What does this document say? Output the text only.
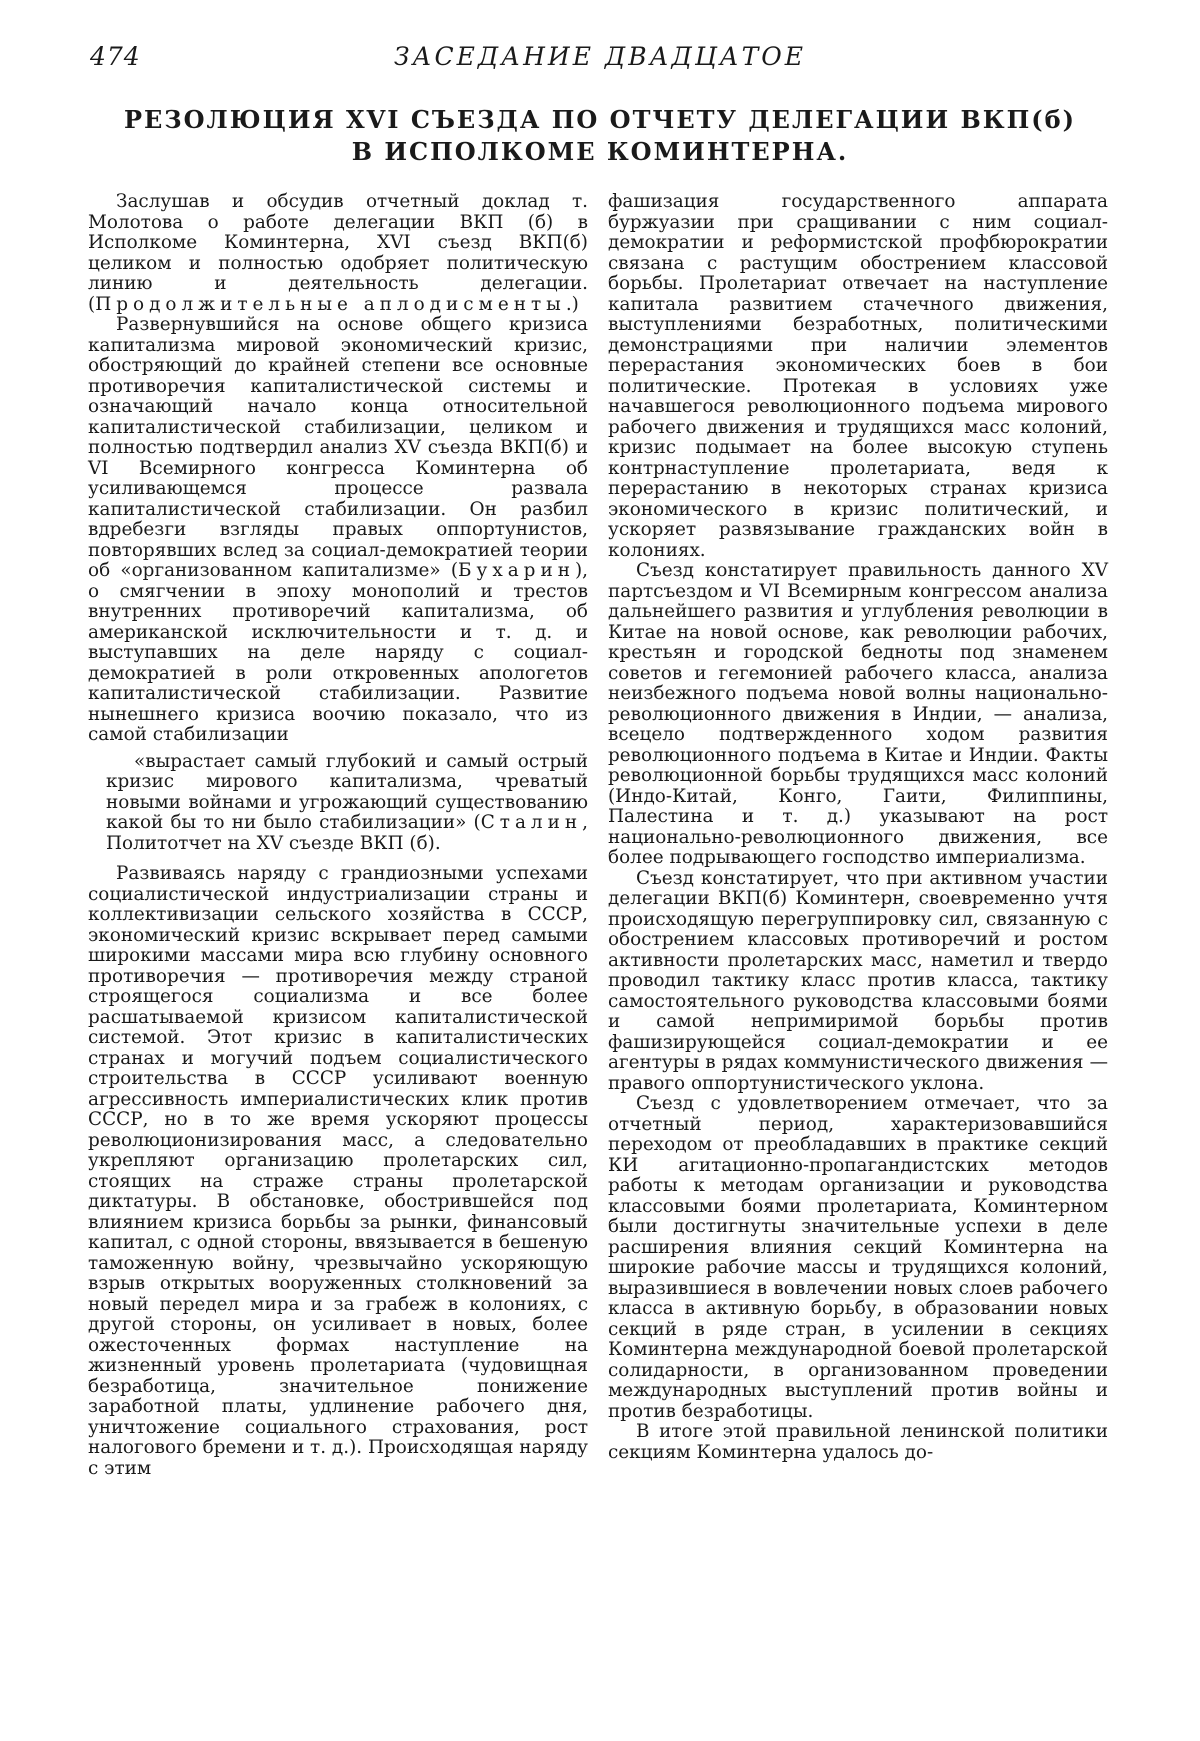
474	ЗАСЕДАНИЕ ДВАДЦАТОЕ
РЕЗОЛЮЦИЯ XVI СЪЕЗДА ПО ОТЧЕТУ ДЕЛЕГАЦИИ ВКП(б)
В ИСПОЛКОМЕ КОМИНТЕРНА.

Заслушав и обсудив отчетный доклад т. Молотова о работе делегации ВКП (б) в Исполкоме Коминтерна, XVI съезд ВКП(б) целиком и полностью одобряет политическую линию и деятельность делегации. (Продолжительные аплодисменты.)

Развернувшийся на основе общего кризиса капитализма мировой экономический кризис, обостряющий до крайней степени все основные противоречия капиталистической системы и означающий начало конца относительной капиталистической стабилизации, целиком и полностью подтвердил анализ XV съезда ВКП(б) и VI Всемирного конгресса Коминтерна об усиливающемся процессе развала капиталистической стабилизации. Он разбил вдребезги взгляды правых оппортунистов, повторявших вслед за социал-демократией теории об «организованном капитализме» (Бухарин), о смягчении в эпоху монополий и трестов внутренних противоречий капитализма, об американской исключительности и т. д. и выступавших на деле наряду с социал-демократией в роли откровенных апологетов капиталистической стабилизации. Развитие нынешнего кризиса воочию показало, что из самой стабилизации

«вырастает самый глубокий и самый острый кризис мирового капитализма, чреватый новыми войнами и угрожающий существованию какой бы то ни было стабилизации» (Сталин, Политотчет на XV съезде ВКП (б).

Развиваясь наряду с грандиозными успехами социалистической индустриализации страны и коллективизации сельского хозяйства в СССР, экономический кризис вскрывает перед самыми широкими массами мира всю глубину основного противоречия — противоречия между страной строящегося социализма и все более расшатываемой кризисом капиталистической системой. Этот кризис в капиталистических странах и могучий подъем социалистического строительства в СССР усиливают военную агрессивность империалистических клик против СССР, но в то же время ускоряют процессы революционизирования масс, а следовательно укрепляют организацию пролетарских сил, стоящих на страже страны пролетарской диктатуры. В обстановке, обострившейся под влиянием кризиса борьбы за рынки, финансовый капитал, с одной стороны, ввязывается в бешеную таможенную войну, чрезвычайно ускоряющую взрыв открытых вооруженных столкновений за новый передел мира и за грабеж в колониях, с другой стороны, он усиливает в новых, более ожесточенных формах наступление на жизненный уровень пролетариата (чудовищная безработица, значительное понижение заработной платы, удлинение рабочего дня, уничтожение социального страхования, рост налогового бремени и т. д.). Происходящая наряду с этим

фашизация государственного аппарата буржуазии при сращивании с ним социал-демократии и реформистской профбюрократии связана с растущим обострением классовой борьбы. Пролетариат отвечает на наступление капитала развитием стачечного движения, выступлениями безработных, политическими демонстрациями при наличии элементов перерастания экономических боев в бои политические. Протекая в условиях уже начавшегося революционного подъема мирового рабочего движения и трудящихся масс колоний, кризис подымает на более высокую ступень контрнаступление пролетариата, ведя к перерастанию в некоторых странах кризиса экономического в кризис политический, и ускоряет развязывание гражданских войн в колониях.

Съезд констатирует правильность данного XV партсъездом и VI Всемирным конгрессом анализа дальнейшего развития и углубления революции в Китае на новой основе, как революции рабочих, крестьян и городской бедноты под знаменем советов и гегемонией рабочего класса, анализа неизбежного подъема новой волны национально-революционного движения в Индии, — анализа, всецело подтвержденного ходом развития революционного подъема в Китае и Индии. Факты революционной борьбы трудящихся масс колоний (Индо-Китай, Конго, Гаити, Филиппины, Палестина и т. д.) указывают на рост национально-революционного движения, все более подрывающего господство империализма.

Съезд констатирует, что при активном участии делегации ВКП(б) Коминтерн, своевременно учтя происходящую перегруппировку сил, связанную с обострением классовых противоречий и ростом активности пролетарских масс, наметил и твердо проводил тактику класс против класса, тактику самостоятельного руководства классовыми боями и самой непримиримой борьбы против фашизирующейся социал-демократии и ее агентуры в рядах коммунистического движения — правого оппортунистического уклона.

Съезд с удовлетворением отмечает, что за отчетный период, характеризовавшийся переходом от преобладавших в практике секций КИ агитационно-пропагандистских методов работы к методам организации и руководства классовыми боями пролетариата, Коминтерном были достигнуты значительные успехи в деле расширения влияния секций Коминтерна на широкие рабочие массы и трудящихся колоний, выразившиеся в вовлечении новых слоев рабочего класса в активную борьбу, в образовании новых секций в ряде стран, в усилении в секциях Коминтерна международной боевой пролетарской солидарности, в организованном проведении международных выступлений против войны и против безработицы.

В итоге этой правильной ленинской политики секциям Коминтерна удалось до-
